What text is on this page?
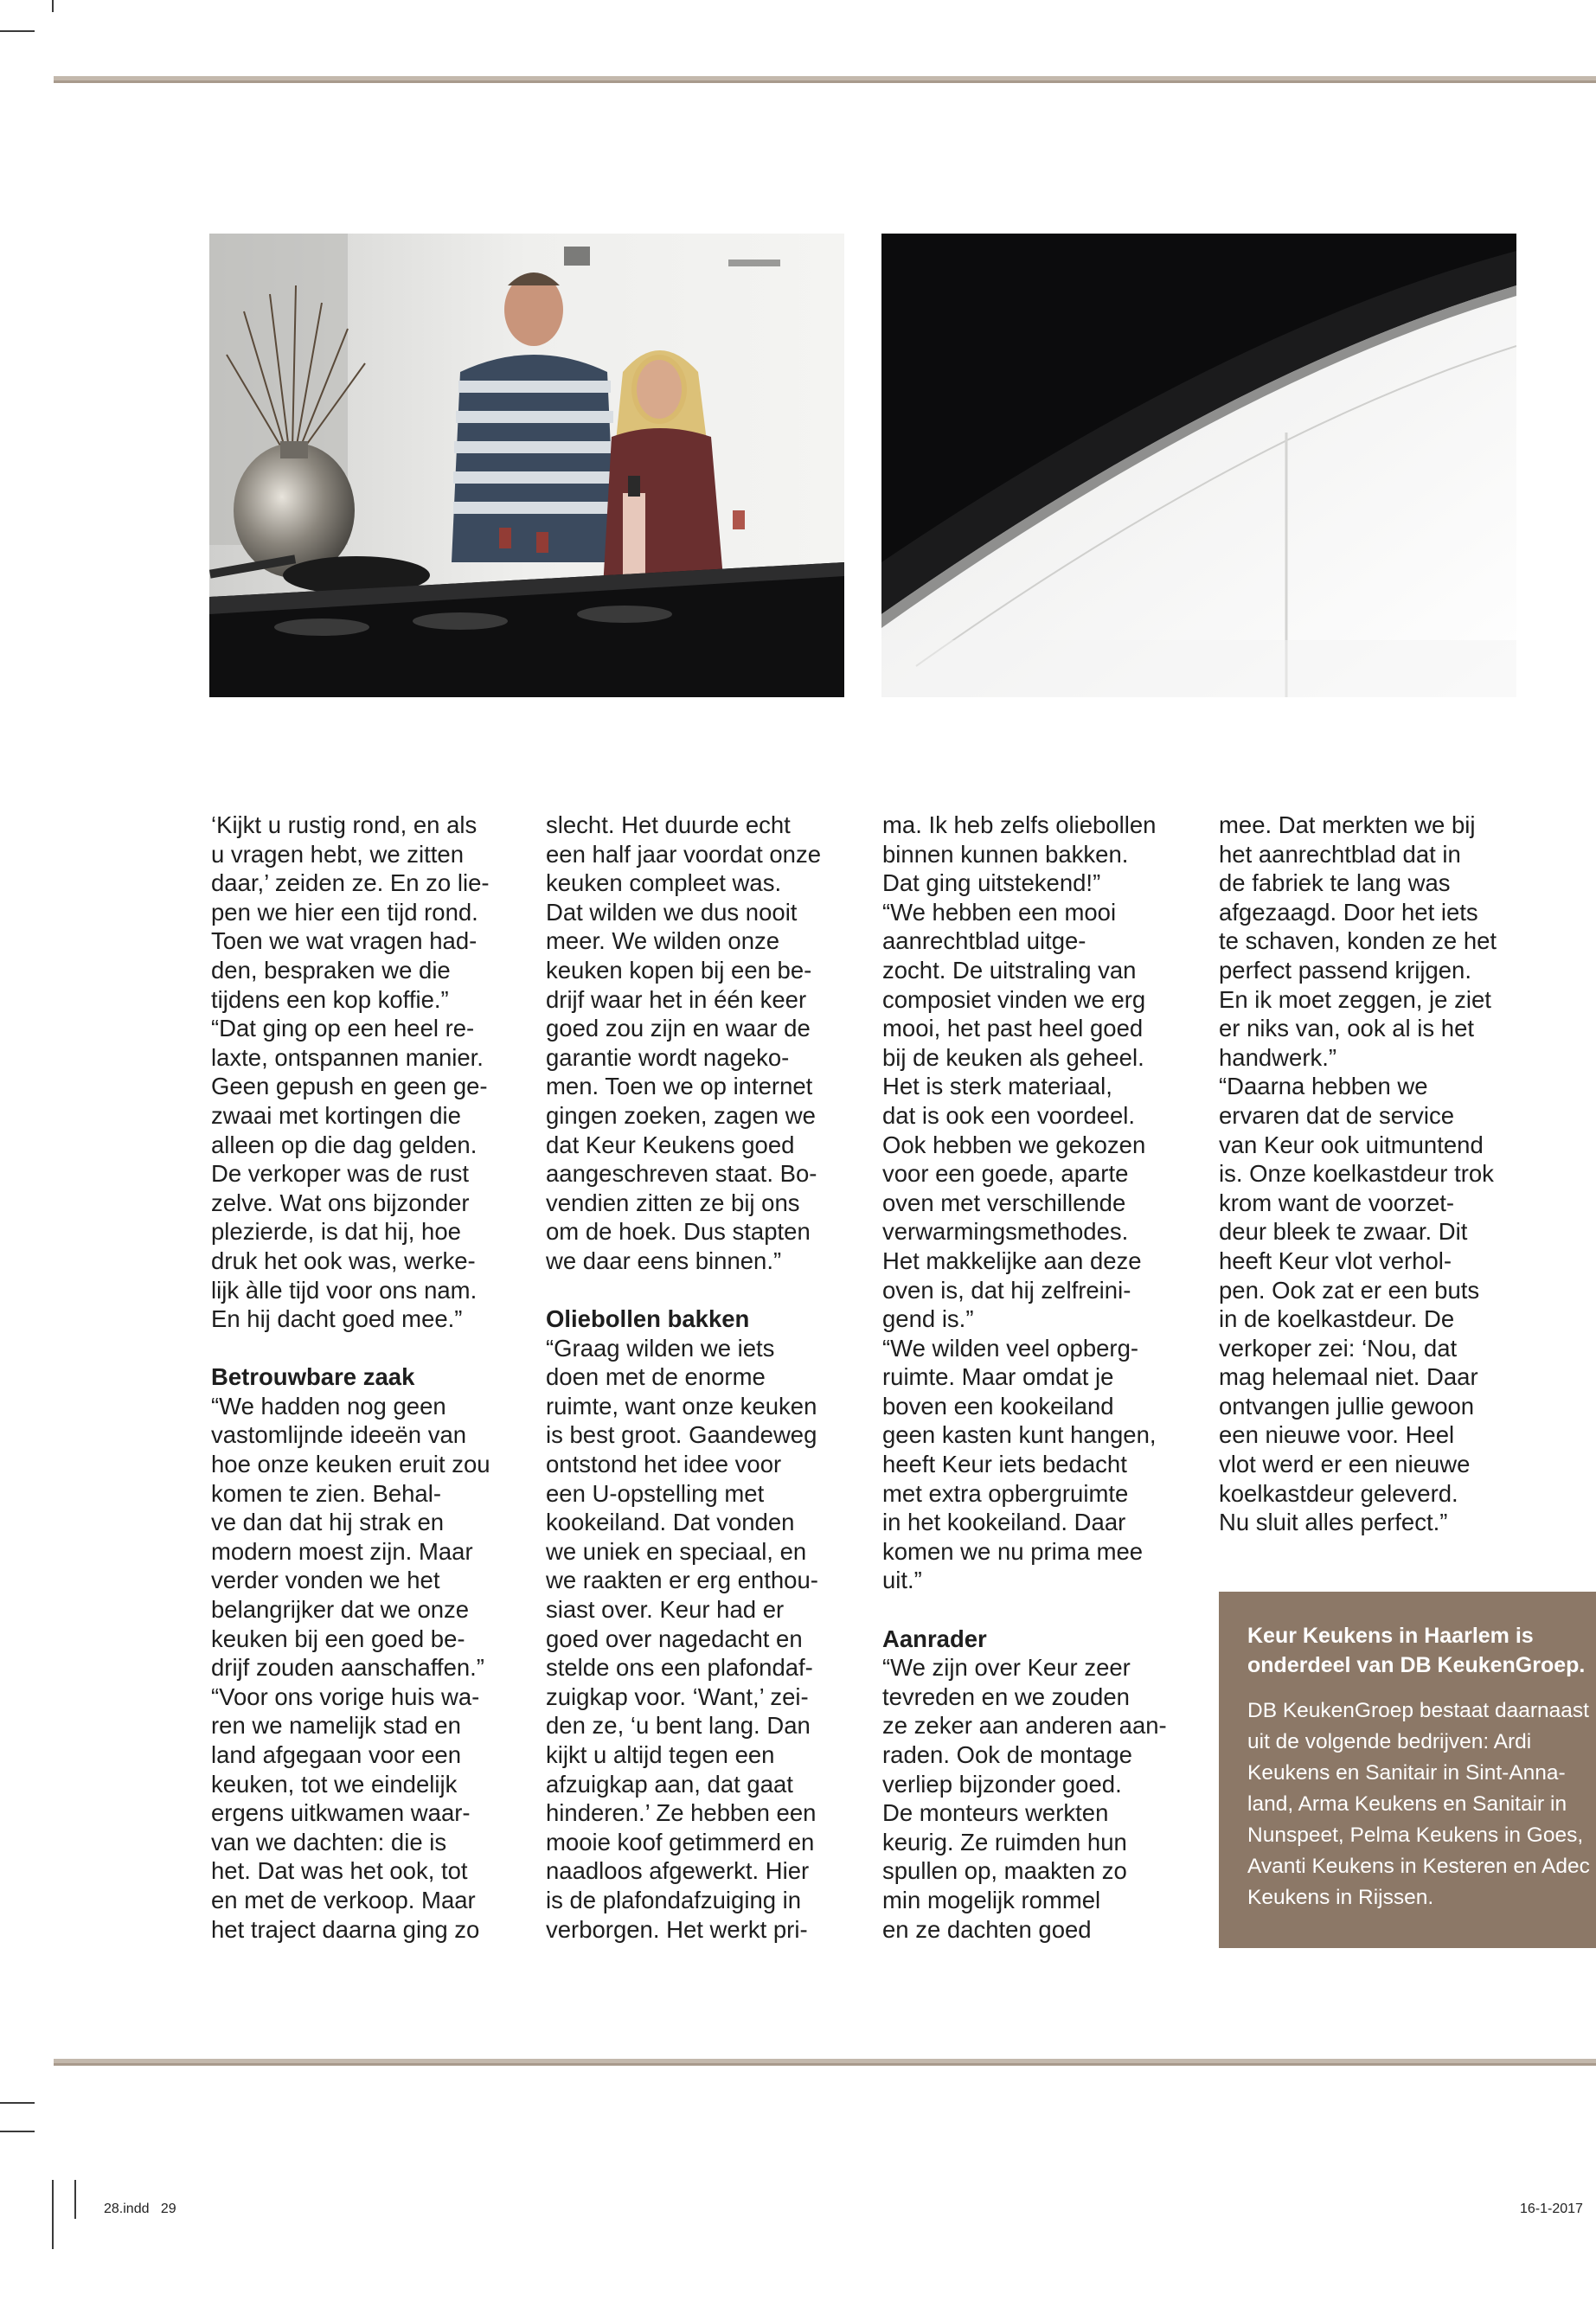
‘Kijkt u rustig rond, en als
u vragen hebt, we zitten
daar,’ zeiden ze. En zo lie-
pen we hier een tijd rond.
Toen we wat vragen had-
den, bespraken we die
tijdens een kop koffie.”
“Dat ging op een heel re-
laxte, ontspannen manier.
Geen gepush en geen ge-
zwaai met kortingen die
alleen op die dag gelden.
De verkoper was de rust
zelve. Wat ons bijzonder
plezierde, is dat hij, hoe
druk het ook was, werke-
lijk àlle tijd voor ons nam.
En hij dacht goed mee.”

Betrouwbare zaak

“We hadden nog geen
vastomlijnde ideeën van
hoe onze keuken eruit zou
komen te zien. Behal-
ve dan dat hij strak en
modern moest zijn. Maar
verder vonden we het
belangrijker dat we onze
keuken bij een goed be-
drijf zouden aanschaffen.”
“Voor ons vorige huis wa-
ren we namelijk stad en
land afgegaan voor een
keuken, tot we eindelijk
ergens uitkwamen waar-
van we dachten: die is
het. Dat was het ook, tot
en met de verkoop. Maar
het traject daarna ging zo

slecht. Het duurde echt
een half jaar voordat onze
keuken compleet was.
Dat wilden we dus nooit
meer. We wilden onze
keuken kopen bij een be-
drijf waar het in één keer
goed zou zijn en waar de
garantie wordt nageko-
men. Toen we op internet
gingen zoeken, zagen we
dat Keur Keukens goed
aangeschreven staat. Bo-
vendien zitten ze bij ons
om de hoek. Dus stapten
we daar eens binnen.”

Oliebollen bakken

“Graag wilden we iets
doen met de enorme
ruimte, want onze keuken
is best groot. Gaandeweg
ontstond het idee voor
een U-opstelling met
kookeiland. Dat vonden
we uniek en speciaal, en
we raakten er erg enthou-
siast over. Keur had er
goed over nagedacht en
stelde ons een plafondaf-
zuigkap voor. ‘Want,’ zei-
den ze, ‘u bent lang. Dan
kijkt u altijd tegen een
afzuigkap aan, dat gaat
hinderen.’ Ze hebben een
mooie koof getimmerd en
naadloos afgewerkt. Hier
is de plafondafzuiging in
verborgen. Het werkt pri-

ma. Ik heb zelfs oliebollen
binnen kunnen bakken.
Dat ging uitstekend!”
“We hebben een mooi
aanrechtblad uitge-
zocht. De uitstraling van
composiet vinden we erg
mooi, het past heel goed
bij de keuken als geheel.
Het is sterk materiaal,
dat is ook een voordeel.
Ook hebben we gekozen
voor een goede, aparte
oven met verschillende
verwarmingsmethodes.
Het makkelijke aan deze
oven is, dat hij zelfreini-
gend is.”
“We wilden veel opberg-
ruimte. Maar omdat je
boven een kookeiland
geen kasten kunt hangen,
heeft Keur iets bedacht
met extra opbergruimte
in het kookeiland. Daar
komen we nu prima mee
uit.”

Aanrader

“We zijn over Keur zeer
tevreden en we zouden
ze zeker aan anderen aan-
raden. Ook de montage
verliep bijzonder goed.
De monteurs werkten
keurig. Ze ruimden hun
spullen op, maakten zo
min mogelijk rommel
en ze dachten goed

mee. Dat merkten we bij
het aanrechtblad dat in
de fabriek te lang was
afgezaagd. Door het iets
te schaven, konden ze het
perfect passend krijgen.
En ik moet zeggen, je ziet
er niks van, ook al is het
handwerk.”
“Daarna hebben we
ervaren dat de service
van Keur ook uitmuntend
is. Onze koelkastdeur trok
krom want de voorzet-
deur bleek te zwaar. Dit
heeft Keur vlot verhol-
pen. Ook zat er een buts
in de koelkastdeur. De
verkoper zei: ‘Nou, dat
mag helemaal niet. Daar
ontvangen jullie gewoon
een nieuwe voor. Heel
vlot werd er een nieuwe
koelkastdeur geleverd.
Nu sluit alles perfect.”

Keur Keukens in Haarlem is
onderdeel van DB KeukenGroep.

DB KeukenGroep bestaat daarnaast
uit de volgende bedrijven: Ardi
Keukens en Sanitair in Sint-Anna-
land, Arma Keukens en Sanitair in
Nunspeet, Pelma Keukens in Goes,
Avanti Keukens in Kesteren en Adec
Keukens in Rijssen.

28.indd   29	16-1-2017
